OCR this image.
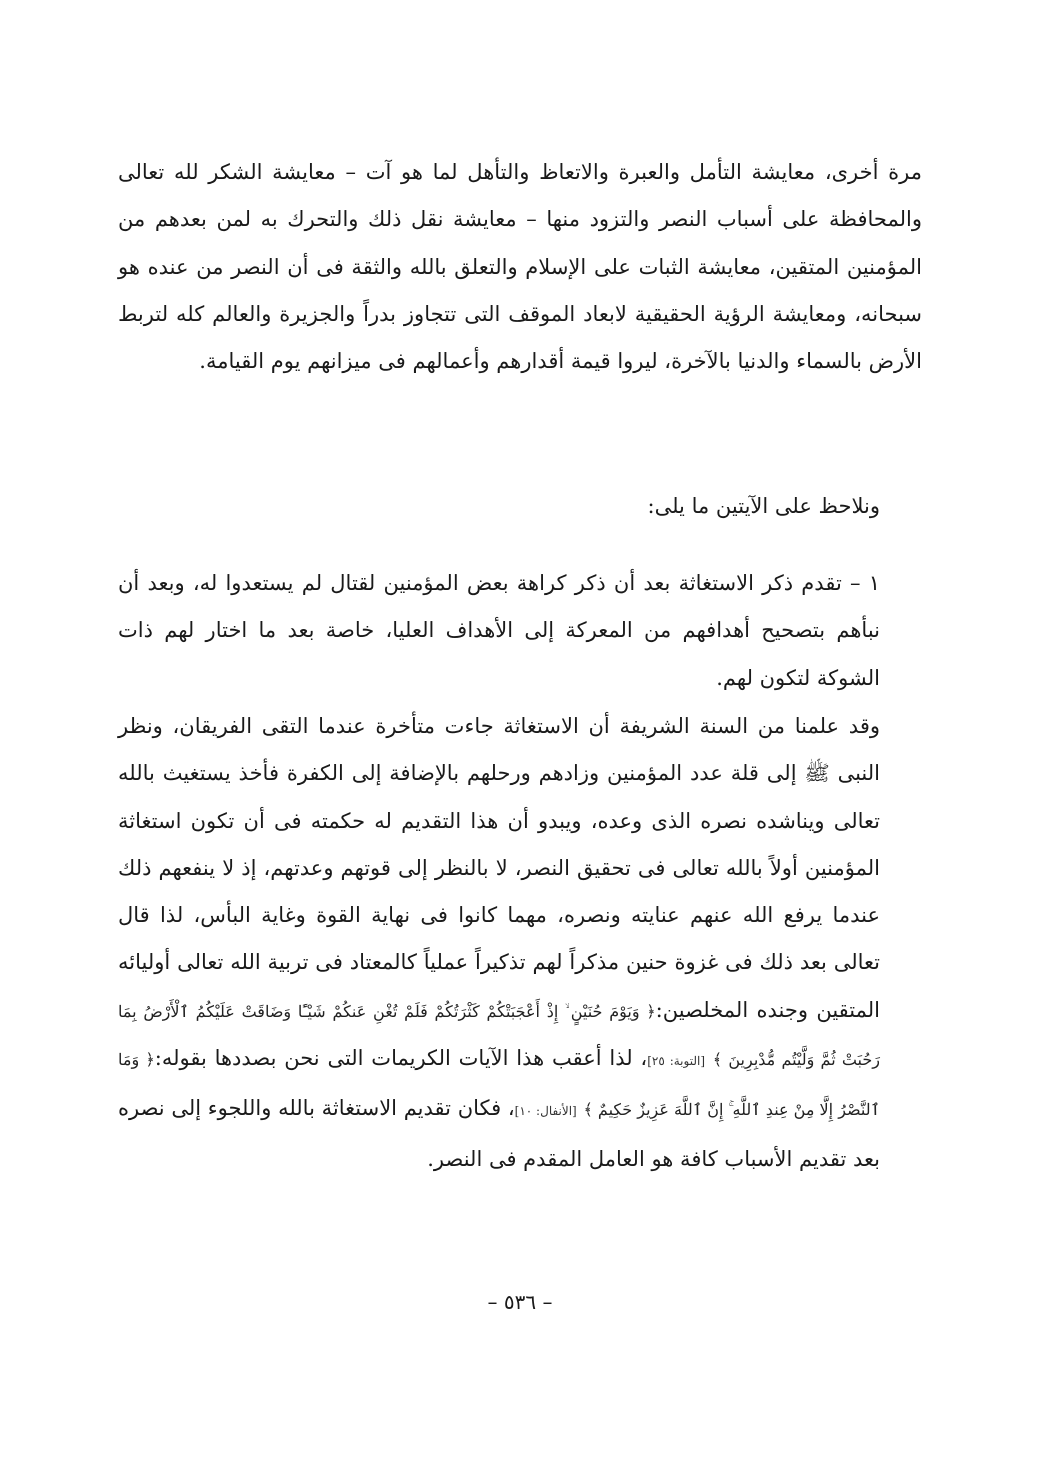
مرة أخرى، معايشة التأمل والعبرة والاتعاظ والتأهل لما هو آت – معايشة الشكر لله تعالى والمحافظة على أسباب النصر والتزود منها – معايشة نقل ذلك والتحرك به لمن بعدهم من المؤمنين المتقين، معايشة الثبات على الإسلام والتعلق بالله والثقة فى أن النصر من عنده هو سبحانه، ومعايشة الرؤية الحقيقية لابعاد الموقف التى تتجاوز بدراً والجزيرة والعالم كله لتربط الأرض بالسماء والدنيا بالآخرة، ليروا قيمة أقدارهم وأعمالهم فى ميزانهم يوم القيامة.

ونلاحظ على الآيتين ما يلى:

١ – تقدم ذكر الاستغاثة بعد أن ذكر كراهة بعض المؤمنين لقتال لم يستعدوا له، وبعد أن نبأهم بتصحيح أهدافهم من المعركة إلى الأهداف العليا، خاصة بعد ما اختار لهم ذات الشوكة لتكون لهم.

وقد علمنا من السنة الشريفة أن الاستغاثة جاءت متأخرة عندما التقى الفريقان، ونظر النبى ﷺ إلى قلة عدد المؤمنين وزادهم ورحلهم بالإضافة إلى الكفرة فأخذ يستغيث بالله تعالى ويناشده نصره الذى وعده، ويبدو أن هذا التقديم له حكمته فى أن تكون استغاثة المؤمنين أولاً بالله تعالى فى تحقيق النصر، لا بالنظر إلى قوتهم وعدتهم، إذ لا ينفعهم ذلك عندما يرفع الله عنهم عنايته ونصره، مهما كانوا فى نهاية القوة وغاية البأس، لذا قال تعالى بعد ذلك فى غزوة حنين مذكراً لهم تذكيراً عملياً كالمعتاد فى تربية الله تعالى أوليائه المتقين وجنده المخلصين:﴿ وَيَوْمَ حُنَيْنٍ ۙ إِذْ أَعْجَبَتْكُمْ كَثْرَتُكُمْ فَلَمْ تُغْنِ عَنكُمْ شَيْـًٔا وَضَاقَتْ عَلَيْكُمُ ٱلْأَرْضُ بِمَا رَحُبَتْ ثُمَّ وَلَّيْتُم مُّدْبِرِينَ ﴾ [التوبة: ٢٥]، لذا أعقب هذا الآيات الكريمات التى نحن بصددها بقوله:﴿ وَمَا ٱلنَّصْرُ إِلَّا مِنْ عِندِ ٱللَّهِ ۚ إِنَّ ٱللَّهَ عَزِيزٌ حَكِيمٌ ﴾ [الأنفال: ١٠]، فكان تقديم الاستغاثة بالله واللجوء إلى نصره بعد تقديم الأسباب كافة هو العامل المقدم فى النصر.

– ٥٣٦ –
